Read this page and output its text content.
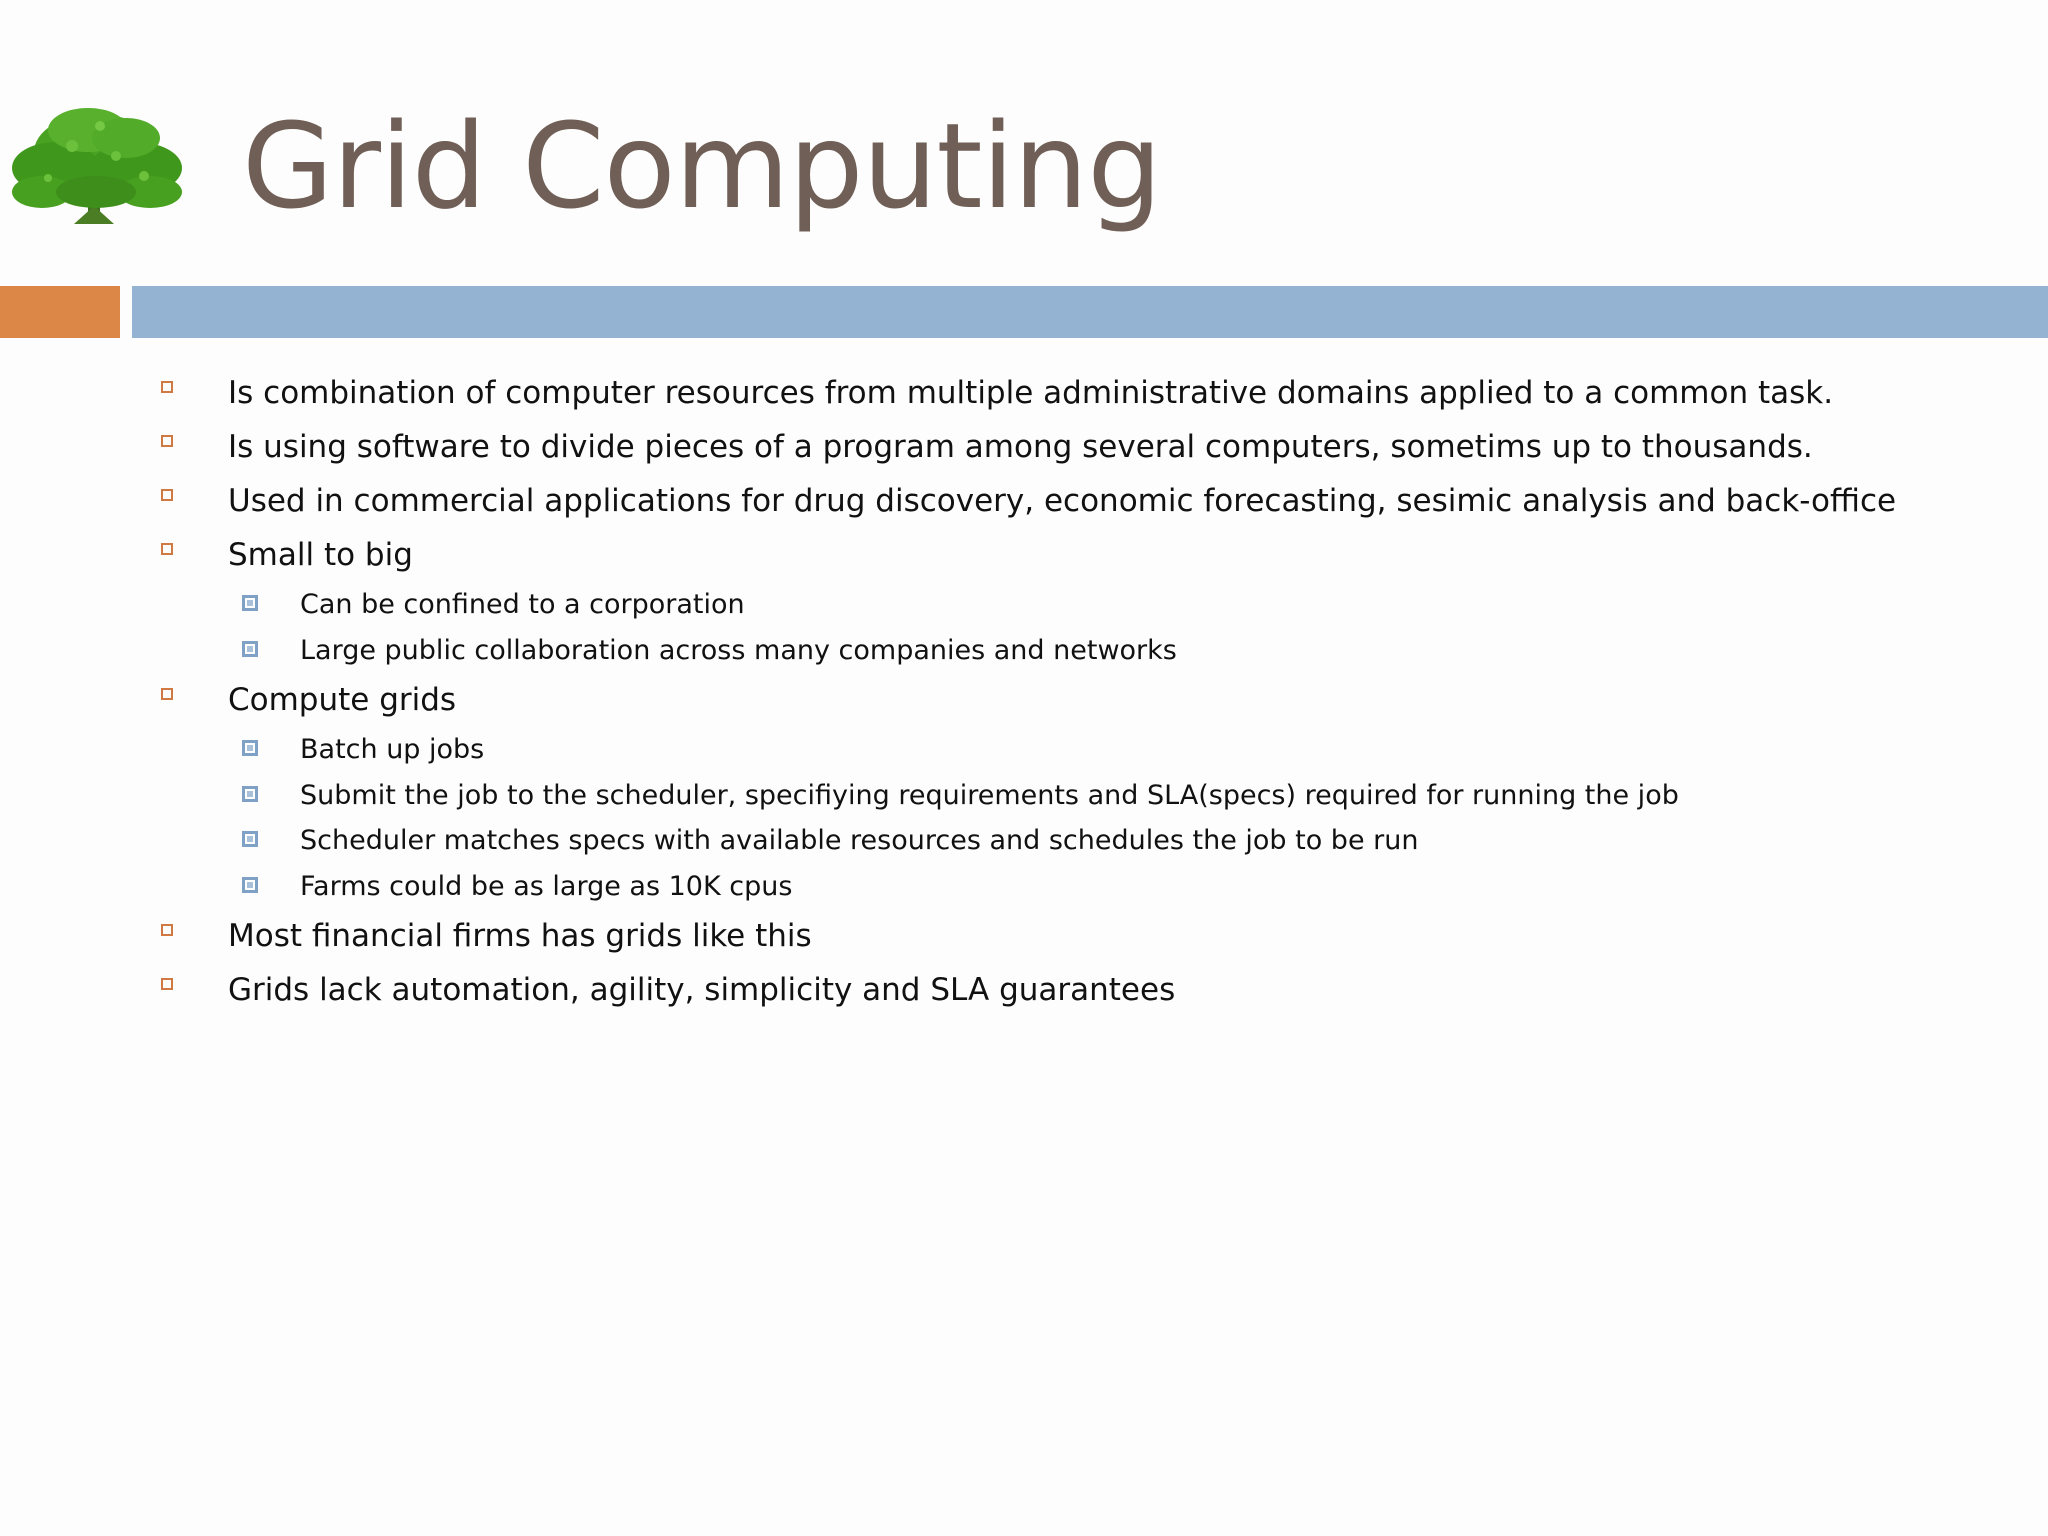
Grid Computing
Is combination of computer resources from multiple administrative domains applied to a common task.
Is using software to divide pieces of a program among several computers, sometims up to thousands.
Used in commercial applications for drug discovery, economic forecasting, sesimic analysis and back-office
Small to big
Can be confined to a corporation
Large public collaboration across many companies and networks
Compute grids
Batch up jobs
Submit the job to the scheduler, specifiying requirements and SLA(specs) required for running the job
Scheduler matches specs with available resources and schedules the job to be run
Farms could be as large as 10K cpus
Most financial firms has grids like this
Grids lack automation, agility, simplicity and SLA guarantees
